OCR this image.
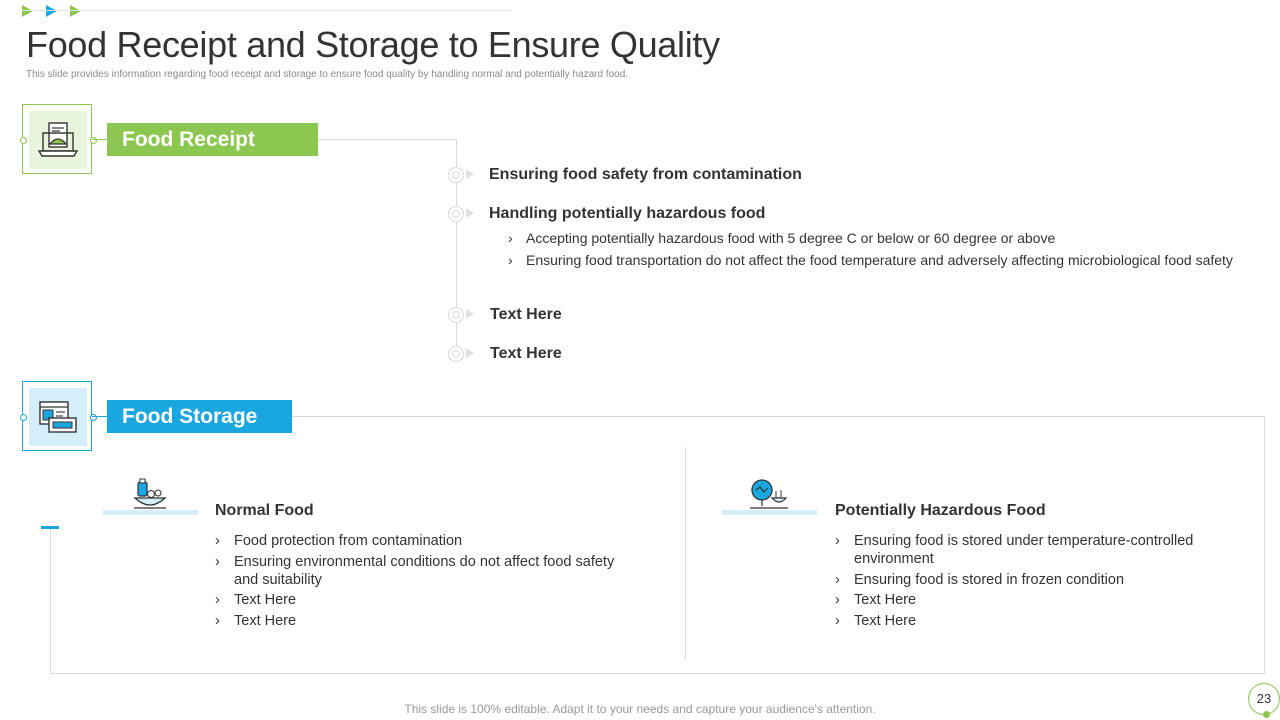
Food Receipt and Storage to Ensure Quality
This slide provides information regarding food receipt and storage to ensure food quality by handling normal and potentially hazard food.
Food Receipt
Ensuring food safety from contamination
Handling potentially hazardous food
› Accepting potentially hazardous food with 5 degree C or below or 60 degree or above
› Ensuring food transportation do not affect the food temperature and adversely affecting microbiological food safety
Text Here
Text Here
Food Storage
Normal Food
› Food protection from contamination
› Ensuring environmental conditions do not affect food safety and suitability
› Text Here
› Text Here
Potentially Hazardous Food
› Ensuring food is stored under temperature-controlled environment
› Ensuring food is stored in frozen condition
› Text Here
› Text Here
This slide is 100% editable. Adapt it to your needs and capture your audience's attention.
23
